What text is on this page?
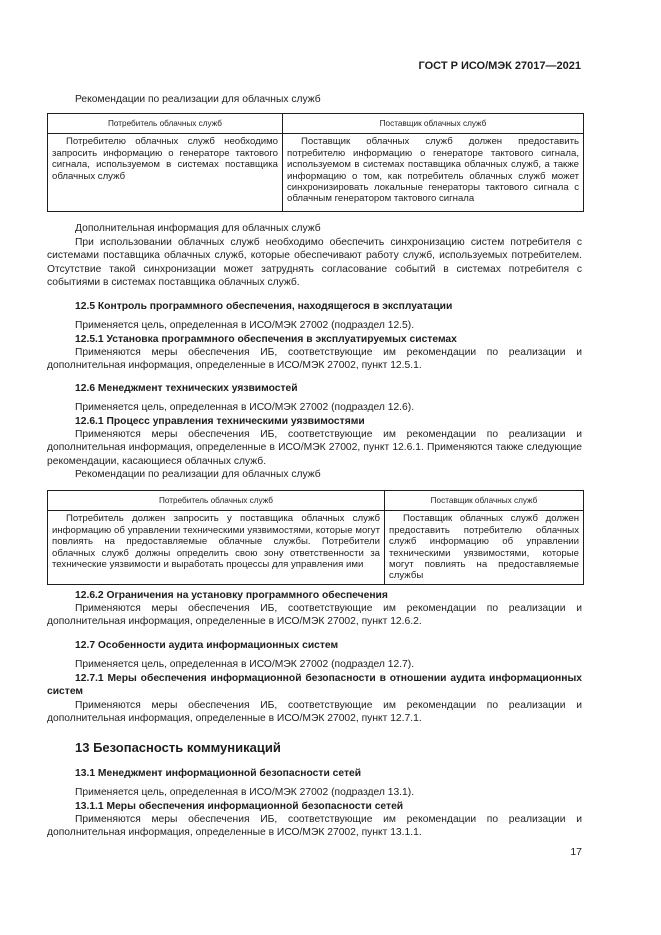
ГОСТ Р ИСО/МЭК 27017—2021
Рекомендации по реализации для облачных служб
Потребитель облачных служб	Поставщик облачных служб

Потребителю облачных служб необходимо запросить информацию о генераторе тактового сигнала, используемом в системах поставщика облачных служб	Поставщик облачных служб должен предоставить потребителю информацию о генераторе тактового сигнала, используемом в системах поставщика облачных служб, а также информацию о том, как потребитель облачных служб может синхронизировать локальные генераторы тактового сигнала с облачным генератором тактового сигнала
Дополнительная информация для облачных служб
При использовании облачных служб необходимо обеспечить синхронизацию систем потребителя с системами поставщика облачных служб, которые обеспечивают работу служб, используемых потребителем. Отсутствие такой синхронизации может затруднять согласование событий в системах потребителя с событиями в системах поставщика облачных служб.
12.5 Контроль программного обеспечения, находящегося в эксплуатации
Применяется цель, определенная в ИСО/МЭК 27002 (подраздел 12.5).
12.5.1 Установка программного обеспечения в эксплуатируемых системах
Применяются меры обеспечения ИБ, соответствующие им рекомендации по реализации и дополнительная информация, определенные в ИСО/МЭК 27002, пункт 12.5.1.
12.6 Менеджмент технических уязвимостей
Применяется цель, определенная в ИСО/МЭК 27002 (подраздел 12.6).
12.6.1 Процесс управления техническими уязвимостями
Применяются меры обеспечения ИБ, соответствующие им рекомендации по реализации и дополнительная информация, определенные в ИСО/МЭК 27002, пункт 12.6.1. Применяются также следующие рекомендации, касающиеся облачных служб.
Рекомендации по реализации для облачных служб
Потребитель облачных служб	Поставщик облачных служб

Потребитель должен запросить у поставщика облачных служб информацию об управлении техническими уязвимостями, которые могут повлиять на предоставляемые облачные службы. Потребители облачных служб должны определить свою зону ответственности за технические уязвимости и выработать процессы для управления ими	Поставщик облачных служб должен предоставить потребителю облачных служб информацию об управлении техническими уязвимостями, которые могут повлиять на предоставляемые службы
12.6.2 Ограничения на установку программного обеспечения
Применяются меры обеспечения ИБ, соответствующие им рекомендации по реализации и дополнительная информация, определенные в ИСО/МЭК 27002, пункт 12.6.2.
12.7 Особенности аудита информационных систем
Применяется цель, определенная в ИСО/МЭК 27002 (подраздел 12.7).
12.7.1 Меры обеспечения информационной безопасности в отношении аудита информационных систем
Применяются меры обеспечения ИБ, соответствующие им рекомендации по реализации и дополнительная информация, определенные в ИСО/МЭК 27002, пункт 12.7.1.
13 Безопасность коммуникаций
13.1 Менеджмент информационной безопасности сетей
Применяется цель, определенная в ИСО/МЭК 27002 (подраздел 13.1).
13.1.1 Меры обеспечения информационной безопасности сетей
Применяются меры обеспечения ИБ, соответствующие им рекомендации по реализации и дополнительная информация, определенные в ИСО/МЭК 27002, пункт 13.1.1.
17
